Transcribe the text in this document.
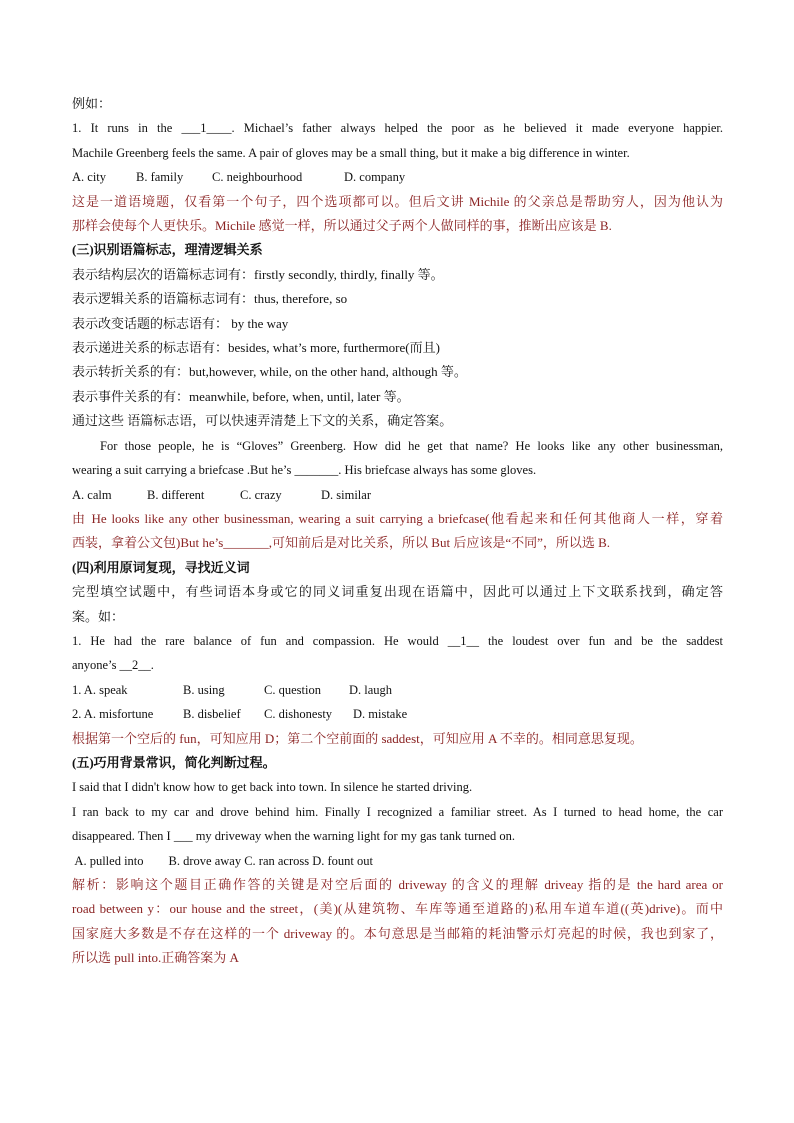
例如：
1. It runs in the ___1____. Michael’s father always helped the poor as he believed it made everyone happier.
Machile Greenberg feels the same. A pair of gloves may be a small thing, but it make a big difference in winter.
A. city B. family C. neighbourhood	D. company
这是一道语境题，仅看第一个句子，四个选项都可以。但后文讲 Michile 的父亲总是帮助穷人，因为他认为
那样会使每个人更快乐。Michile 感觉一样，所以通过父子两个人做同样的事，推断出应该是 B.
(三)识别语篇标志，理清逻辑关系
表示结构层次的语篇标志词有：firstly secondly, thirdly, finally 等。
表示逻辑关系的语篇标志词有：thus, therefore, so
表示改变话题的标志语有： by the way
表示递进关系的标志语有：besides, what’s more, furthermore(而且)
表示转折关系的有：but,however, while, on the other hand, although 等。
表示事件关系的有：meanwhile, before, when, until, later 等。
通过这些 语篇标志语，可以快速弄清楚上下文的关系，确定答案。
For those people, he is “Gloves” Greenberg. How did he get that name? He looks like any other businessman,
wearing a suit carrying a briefcase .But he’s _______. His briefcase always has some gloves.
A. calm	B. different	C. crazy	D. similar
由 He looks like any other businessman, wearing a suit carrying a briefcase(他看起来和任何其他商人一样，穿着
西装，拿着公文包)But he’s_______,可知前后是对比关系，所以 But 后应该是“不同”，所以选 B.
(四)利用原词复现，寻找近义词
完型填空试题中，有些词语本身或它的同义词重复出现在语篇中，因此可以通过上下文联系找到，确定答
案。如：
1. He had the rare balance of fun and compassion. He would __1__ the loudest over fun and be the saddest
anyone’s __2__.
1. A. speak	B. using	C. question D. laugh
2. A. misfortune B. disbelief C. dishonesty D. mistake
根据第一个空后的 fun，可知应用 D；第二个空前面的 saddest，可知应用 A 不幸的。相同意思复现。
(五)巧用背景常识，简化判断过程。
I said that I didn't know how to get back into town. In silence he started driving.
I ran back to my car and drove behind him. Finally I recognized a familiar street. As I turned to head home, the car
disappeared. Then I ___ my driveway when the warning light for my gas tank turned on.
A. pulled into        B. drove away C. ran across D. fount out
解析：影响这个题目正确作答的关键是对空后面的 driveway 的含义的理解 driveay 指的是 the hard area or
road between y：our house and the street，(美)(从建筑物、车库等通至道路的)私用车道车道((英)drive)。而中
国家庭大多数是不存在这样的一个 driveway 的。本句意思是当邮箱的耗油警示灯亮起的时候，我也到家了，
所以选 pull into.正确答案为 A
